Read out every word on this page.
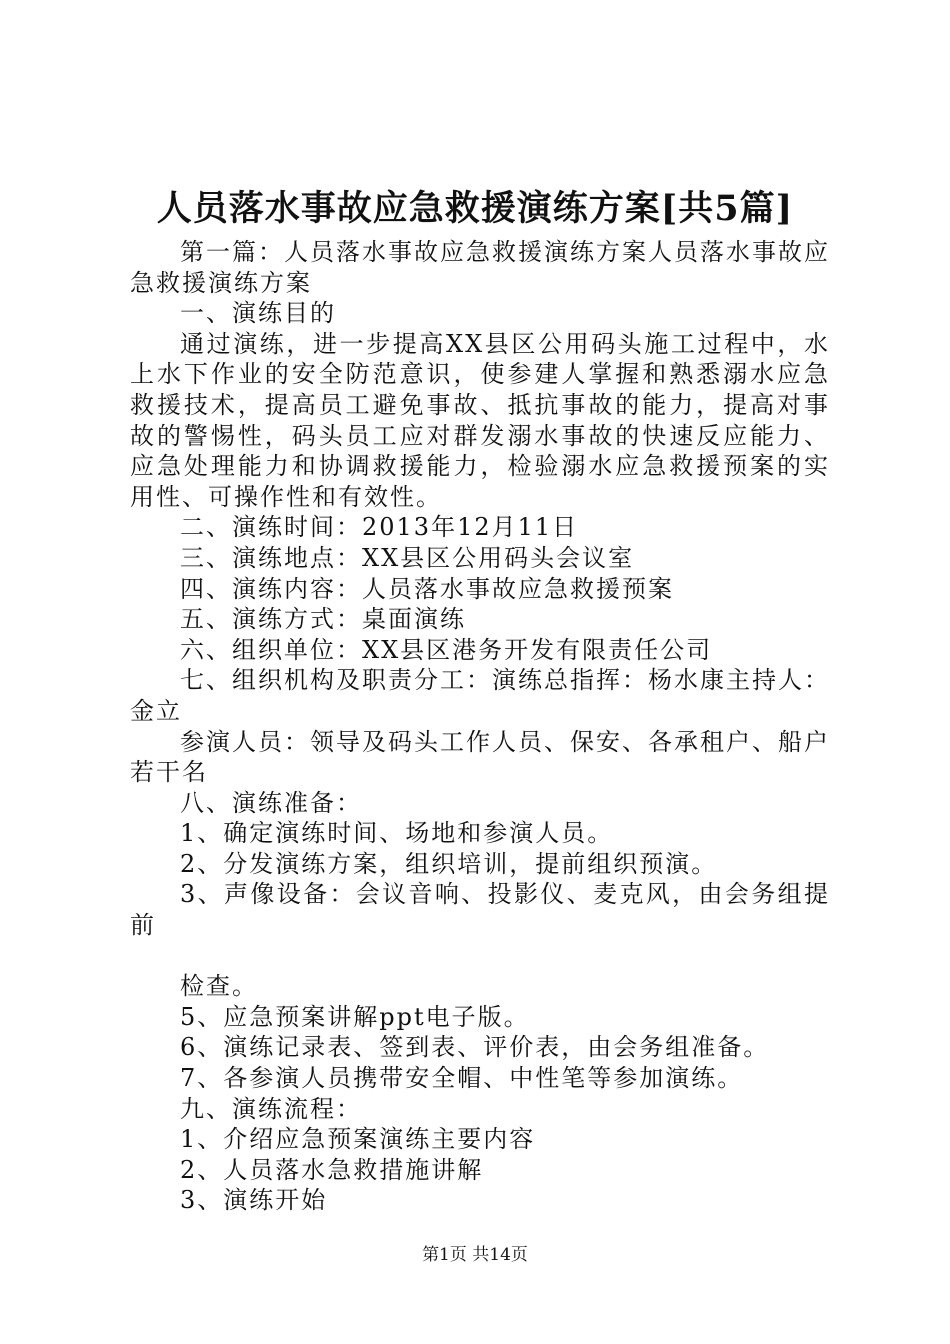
人员落水事故应急救援演练方案[共5篇]

第一篇：人员落水事故应急救援演练方案人员落水事故应急救援演练方案

一、演练目的

通过演练，进一步提高XX县区公用码头施工过程中，水上水下作业的安全防范意识，使参建人掌握和熟悉溺水应急救援技术，提高员工避免事故、抵抗事故的能力，提高对事故的警惕性，码头员工应对群发溺水事故的快速反应能力、应急处理能力和协调救援能力，检验溺水应急救援预案的实用性、可操作性和有效性。

二、演练时间：2013年12月11日

三、演练地点：XX县区公用码头会议室

四、演练内容：人员落水事故应急救援预案

五、演练方式：桌面演练

六、组织单位：XX县区港务开发有限责任公司

七、组织机构及职责分工：演练总指挥：杨水康主持人：金立

参演人员：领导及码头工作人员、保安、各承租户、船户若干名

八、演练准备：

1、确定演练时间、场地和参演人员。

2、分发演练方案，组织培训，提前组织预演。

3、声像设备：会议音响、投影仪、麦克风，由会务组提前

检查。

5、应急预案讲解ppt电子版。

6、演练记录表、签到表、评价表，由会务组准备。

7、各参演人员携带安全帽、中性笔等参加演练。

九、演练流程：

1、介绍应急预案演练主要内容

2、人员落水急救措施讲解

3、演练开始

第1页 共14页
